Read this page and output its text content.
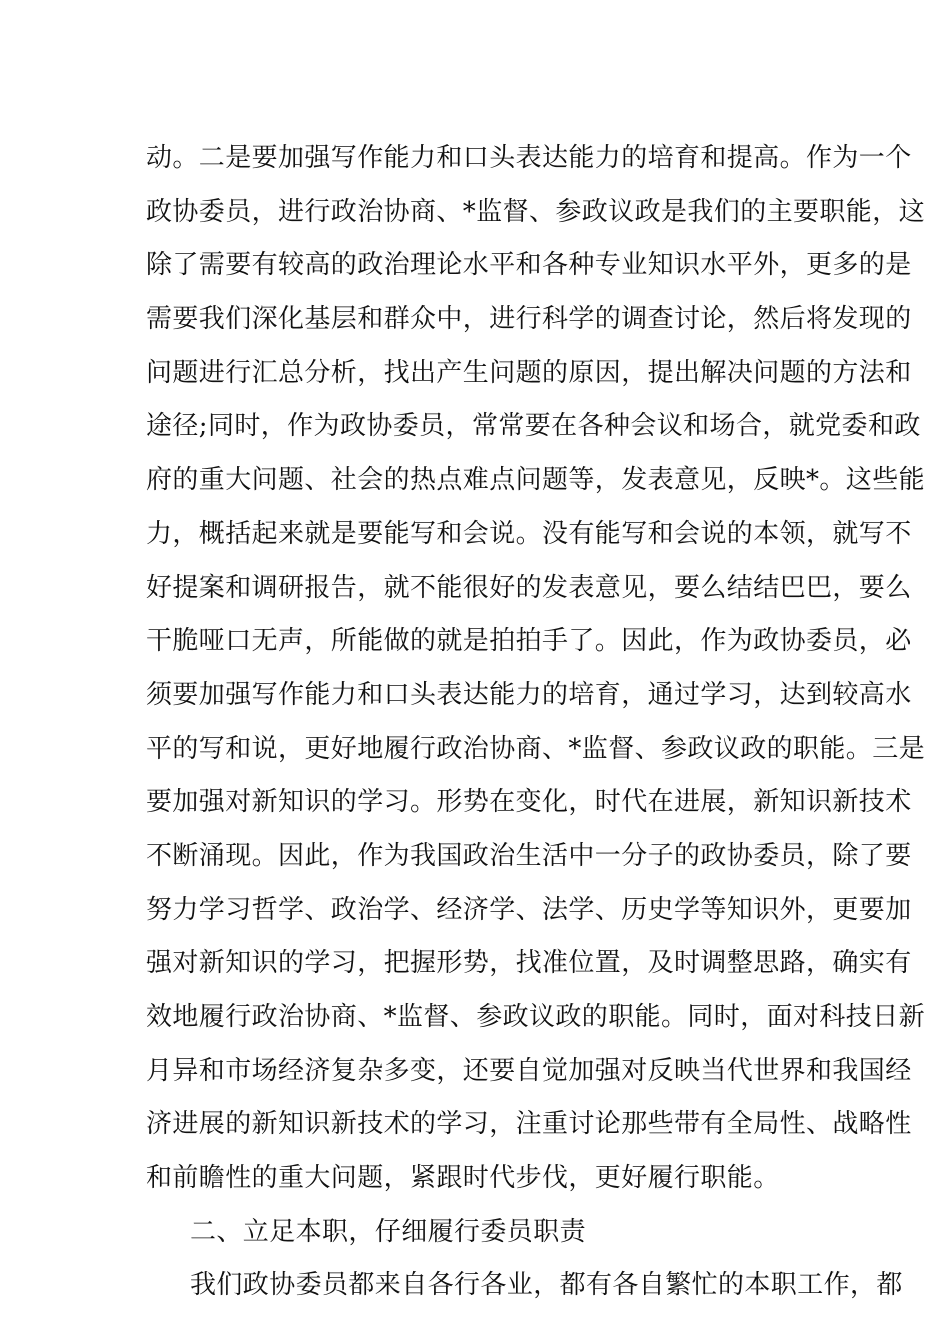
动。二是要加强写作能力和口头表达能力的培育和提高。作为一个
政协委员，进行政治协商、*监督、参政议政是我们的主要职能，这
除了需要有较高的政治理论水平和各种专业知识水平外，更多的是
需要我们深化基层和群众中，进行科学的调查讨论，然后将发现的
问题进行汇总分析，找出产生问题的原因，提出解决问题的方法和
途径;同时，作为政协委员，常常要在各种会议和场合，就党委和政
府的重大问题、社会的热点难点问题等，发表意见，反映*。这些能
力，概括起来就是要能写和会说。没有能写和会说的本领，就写不
好提案和调研报告，就不能很好的发表意见，要么结结巴巴，要么
干脆哑口无声，所能做的就是拍拍手了。因此，作为政协委员，必
须要加强写作能力和口头表达能力的培育，通过学习，达到较高水
平的写和说，更好地履行政治协商、*监督、参政议政的职能。三是
要加强对新知识的学习。形势在变化，时代在进展，新知识新技术
不断涌现。因此，作为我国政治生活中一分子的政协委员，除了要
努力学习哲学、政治学、经济学、法学、历史学等知识外，更要加
强对新知识的学习，把握形势，找准位置，及时调整思路，确实有
效地履行政治协商、*监督、参政议政的职能。同时，面对科技日新
月异和市场经济复杂多变，还要自觉加强对反映当代世界和我国经
济进展的新知识新技术的学习，注重讨论那些带有全局性、战略性
和前瞻性的重大问题，紧跟时代步伐，更好履行职能。
二、立足本职，仔细履行委员职责
我们政协委员都来自各行各业，都有各自繁忙的本职工作，都
